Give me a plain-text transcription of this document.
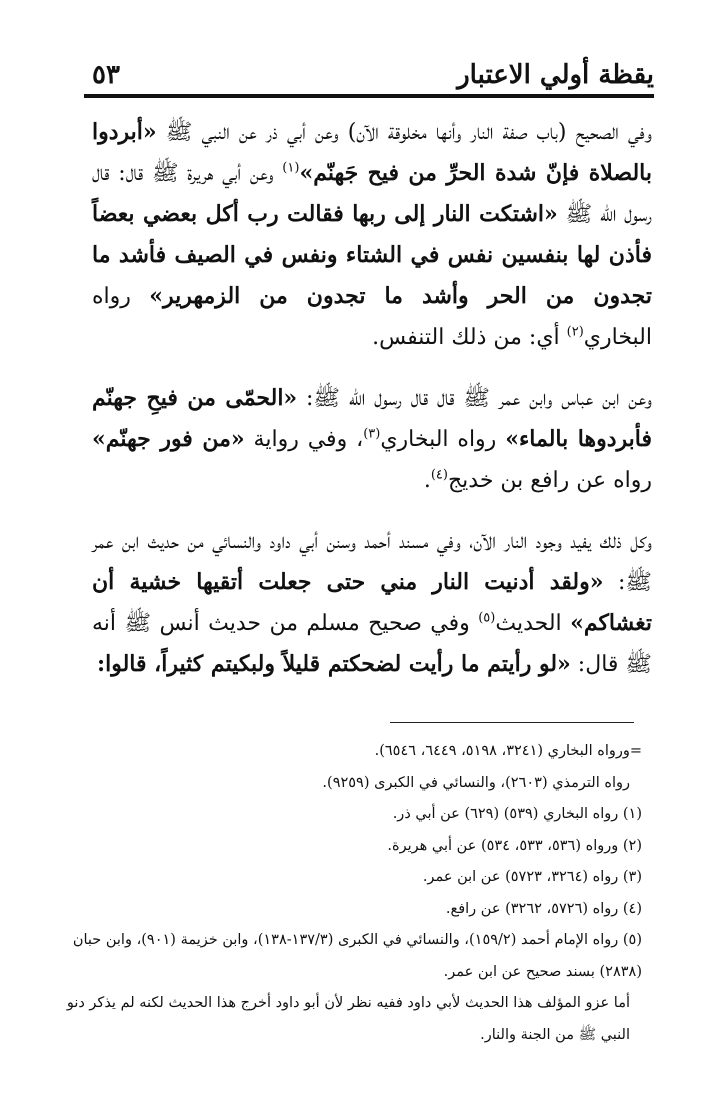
يقظة أولي الاعتبار
٥٣

وفي الصحيح (باب صفة النار وأنها مخلوقة الآن) وعن أبي ذر عن النبي ﷺ «أبردوا بالصلاة فإنّ شدة الحرِّ من فيح جَهنّم»$^{(١)}$ وعن أبي هريرة ﷺ قال: قال رسول الله ﷺ «اشتكت النار إلى ربها فقالت رب أكل بعضي بعضاً فأذن لها بنفسين نفس في الشتاء ونفس في الصيف فأشد ما تجدون من الحر وأشد ما تجدون من الزمهرير» رواه البخاري$^{(٢)}$ أي: من ذلك التنفس.

وعن ابن عباس وابن عمر ﷺ قال قال رسول الله ﷺ: «الحمّى من فيحِ جهنّم فأبردوها بالماء» رواه البخاري$^{(٣)}$، وفي رواية «من فور جهنّم» رواه عن رافع بن خديج$^{(٤)}$.

وكل ذلك يفيد وجود النار الآن، وفي مسند أحمد وسنن أبي داود والنسائي من حديث ابن عمر ﷺ: «ولقد أدنيت النار مني حتى جعلت أتقيها خشية أن تغشاكم» الحديث$^{(٥)}$ وفي صحيح مسلم من حديث أنس ﷺ أنه ﷺ قال: «لو رأيتم ما رأيت لضحكتم قليلاً ولبكيتم كثيراً، قالوا:

=ورواه البخاري (٣٢٤١، ٥١٩٨، ٦٤٤٩، ٦٥٤٦).

رواه الترمذي (٢٦٠٣)، والنسائي في الكبرى (٩٢٥٩).

(١) رواه البخاري (٥٣٩) (٦٢٩) عن أبي ذر.

(٢) ورواه (٥٣٦، ٥٣٣، ٥٣٤) عن أبي هريرة.

(٣) رواه (٣٢٦٤، ٥٧٢٣) عن ابن عمر.

(٤) رواه (٥٧٢٦، ٣٢٦٢) عن رافع.

(٥) رواه الإمام أحمد (١٥٩/٢)، والنسائي في الكبرى (١٣٧/٣-١٣٨)، وابن خزيمة (٩٠١)، وابن حبان (٢٨٣٨) بسند صحيح عن ابن عمر.

أما عزو المؤلف هذا الحديث لأبي داود ففيه نظر لأن أبو داود أخرج هذا الحديث لكنه لم يذكر دنو النبي ﷺ من الجنة والنار.
